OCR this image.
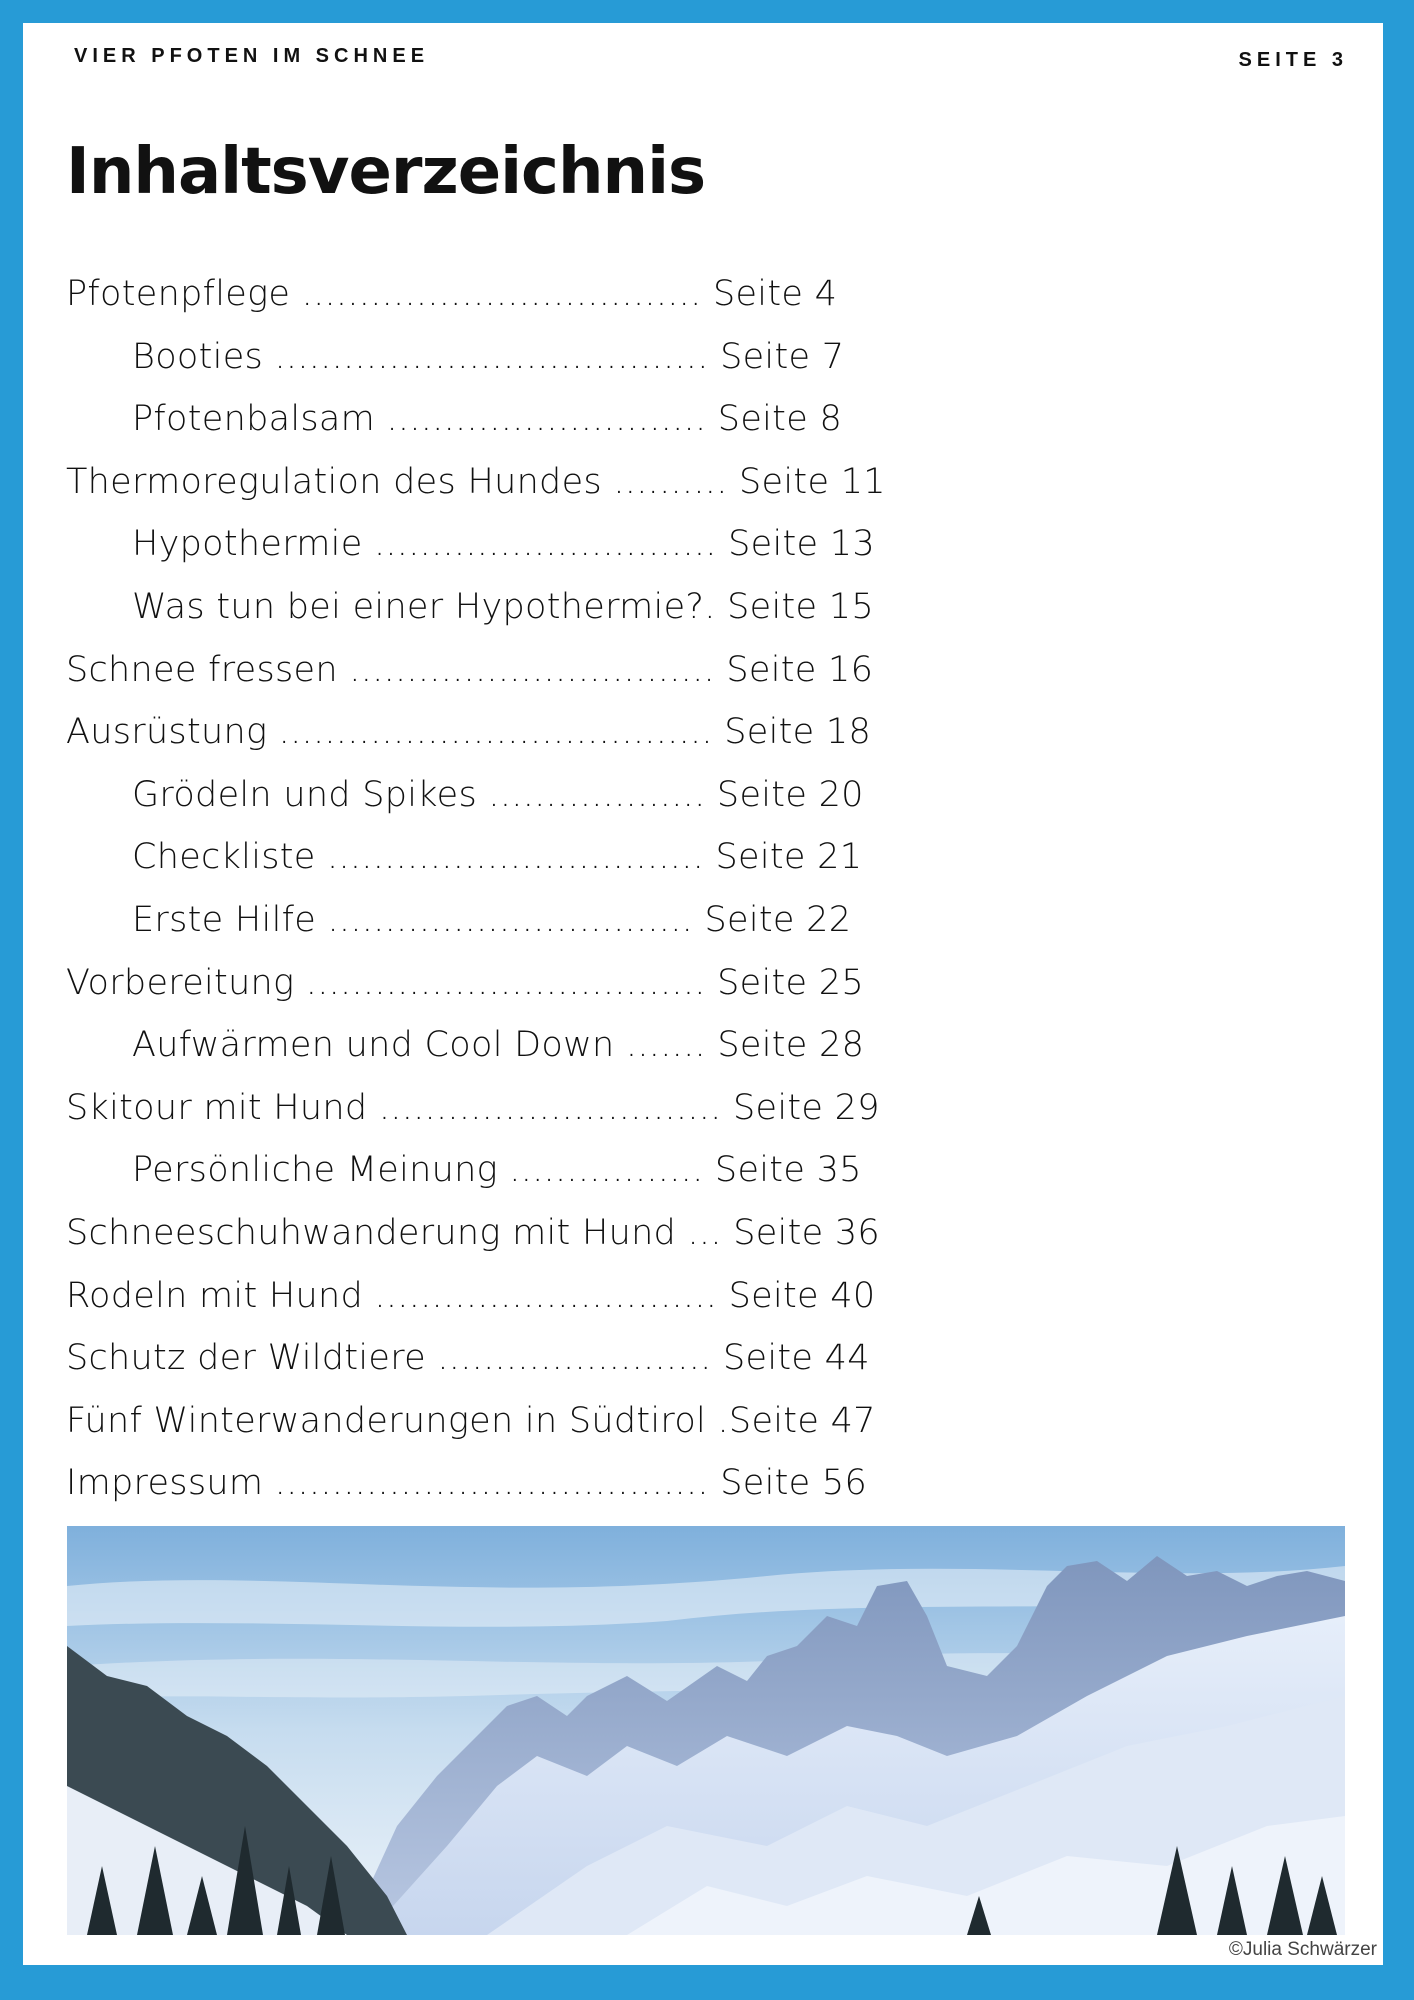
VIER PFOTEN IM SCHNEE	SEITE 3
Inhaltsverzeichnis
Pfotenpflege ................................... Seite 4
Booties ...................................... Seite 7
Pfotenbalsam ............................ Seite 8
Thermoregulation des Hundes .......... Seite 11
Hypothermie .............................. Seite 13
Was tun bei einer Hypothermie?. Seite 15
Schnee fressen ................................ Seite 16
Ausrüstung ...................................... Seite 18
Grödeln und Spikes ................... Seite 20
Checkliste ................................. Seite 21
Erste Hilfe ................................ Seite 22
Vorbereitung ................................... Seite 25
Aufwärmen und Cool Down ....... Seite 28
Skitour mit Hund .............................. Seite 29
Persönliche Meinung ................. Seite 35
Schneeschuhwanderung mit Hund ... Seite 36
Rodeln mit Hund .............................. Seite 40
Schutz der Wildtiere ........................ Seite 44
Fünf Winterwanderungen in Südtirol .Seite 47
Impressum ...................................... Seite 56
©Julia Schwärzer
